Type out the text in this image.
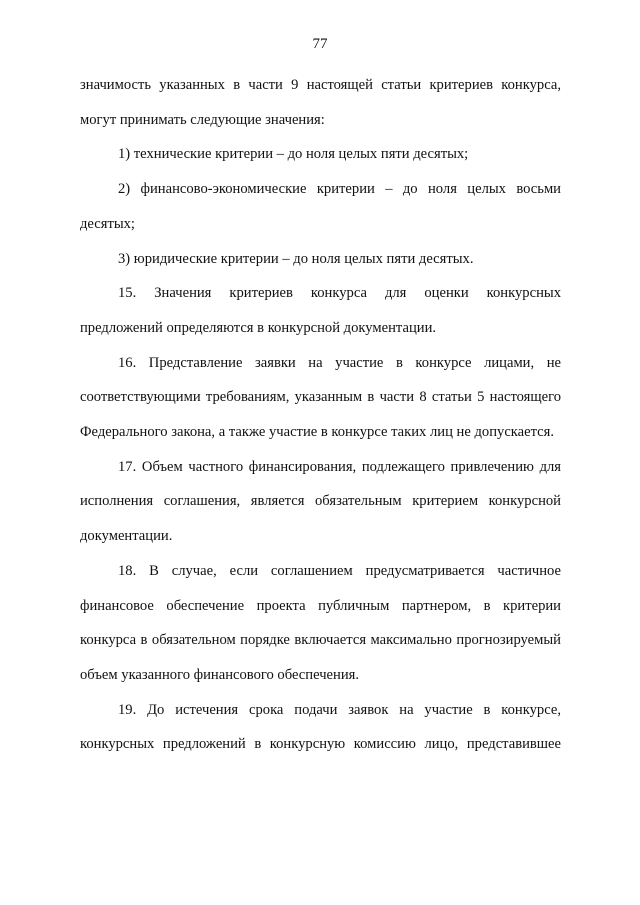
77

значимость указанных в части 9 настоящей статьи критериев конкурса, могут принимать следующие значения:

1) технические критерии – до ноля целых пяти десятых;

2) финансово-экономические критерии – до ноля целых восьми десятых;

3) юридические критерии – до ноля целых пяти десятых.

15. Значения критериев конкурса для оценки конкурсных предложений определяются в конкурсной документации.

16. Представление заявки на участие в конкурсе лицами, не соответствующими требованиям, указанным в части 8 статьи 5 настоящего Федерального закона, а также участие в конкурсе таких лиц не допускается.

17. Объем частного финансирования, подлежащего привлечению для исполнения соглашения, является обязательным критерием конкурсной документации.

18. В случае, если соглашением предусматривается частичное финансовое обеспечение проекта публичным партнером, в критерии конкурса в обязательном порядке включается максимально прогнозируемый объем указанного финансового обеспечения.

19. До истечения срока подачи заявок на участие в конкурсе, конкурсных предложений в конкурсную комиссию лицо, представившее
